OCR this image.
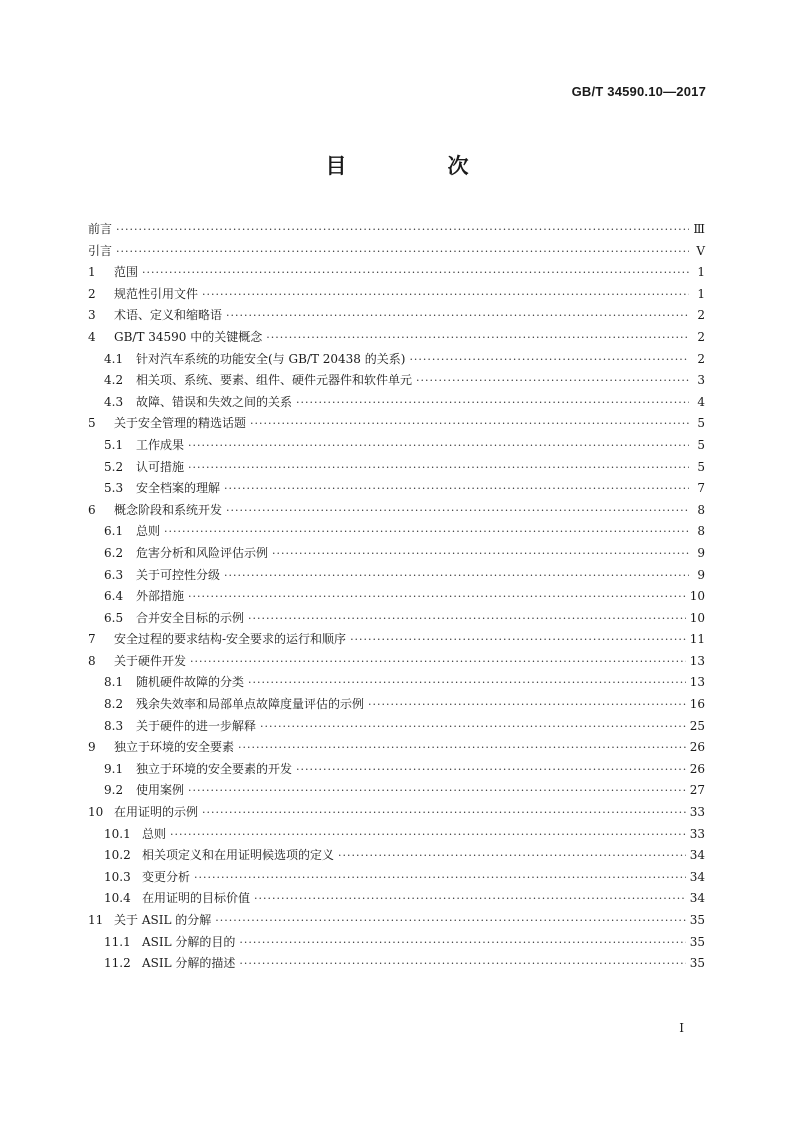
GB/T 34590.10—2017
目　次
前言 ·····	Ⅲ
引言 ·····	Ⅴ
1	范围 ·····	1
2	规范性引用文件 ·····	1
3	术语、定义和缩略语 ·····	2
4	GB/T 34590 中的关键概念 ·····	2
4.1	针对汽车系统的功能安全(与 GB/T 20438 的关系) ·····	2
4.2	相关项、系统、要素、组件、硬件元器件和软件单元 ·····	3
4.3	故障、错误和失效之间的关系 ·····	4
5	关于安全管理的精选话题 ·····	5
5.1	工作成果 ·····	5
5.2	认可措施 ·····	5
5.3	安全档案的理解 ·····	7
6	概念阶段和系统开发 ·····	8
6.1	总则 ·····	8
6.2	危害分析和风险评估示例 ·····	9
6.3	关于可控性分级 ·····	9
6.4	外部措施 ·····	10
6.5	合并安全目标的示例 ·····	10
7	安全过程的要求结构-安全要求的运行和顺序 ·····	11
8	关于硬件开发 ·····	13
8.1	随机硬件故障的分类 ·····	13
8.2	残余失效率和局部单点故障度量评估的示例 ·····	16
8.3	关于硬件的进一步解释 ·····	25
9	独立于环境的安全要素 ·····	26
9.1	独立于环境的安全要素的开发 ·····	26
9.2	使用案例 ·····	27
10 在用证明的示例 ·····	33
10.1 总则 ·····	33
10.2 相关项定义和在用证明候选项的定义 ·····	34
10.3 变更分析 ·····	34
10.4 在用证明的目标价值 ·····	34
11 关于 ASIL 的分解 ·····	35
11.1 ASIL 分解的目的 ·····	35
11.2 ASIL 分解的描述 ·····	35
I
